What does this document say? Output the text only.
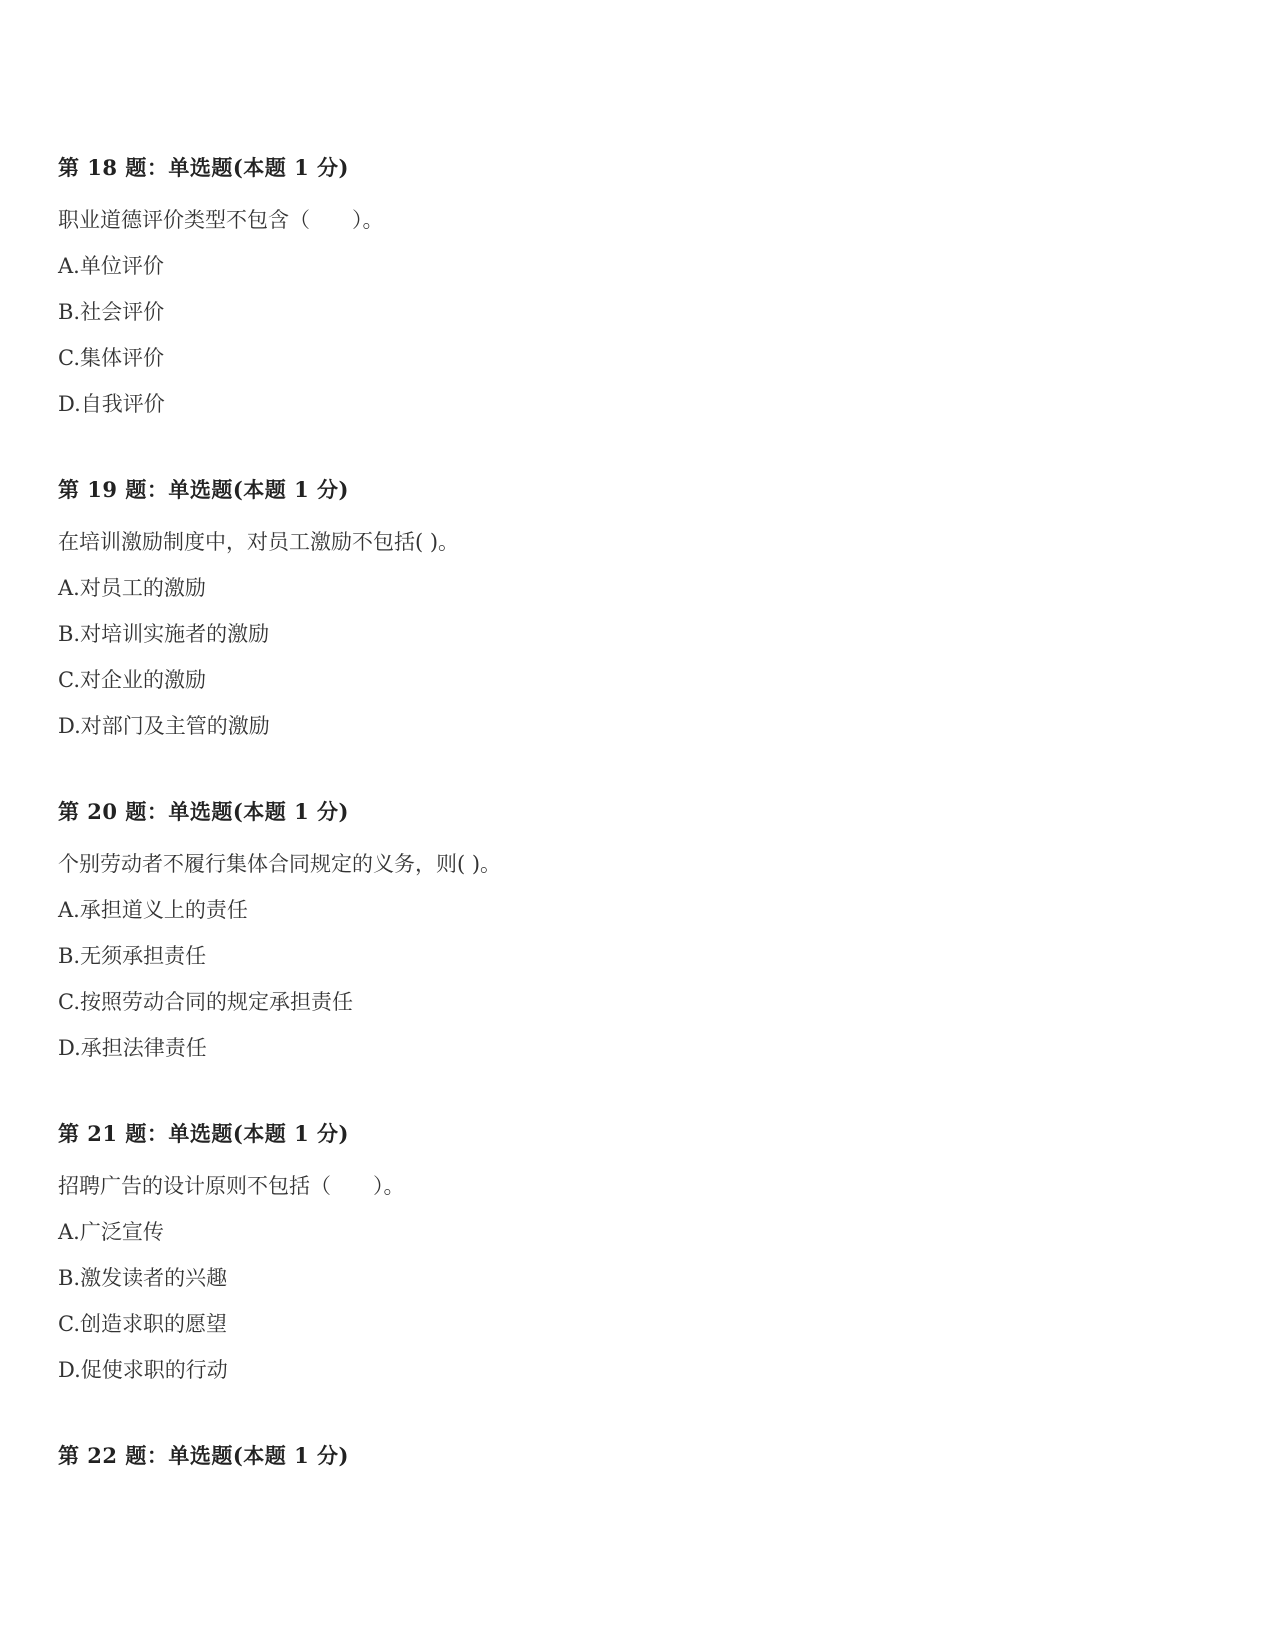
第 18 题：单选题(本题 1 分)
职业道德评价类型不包含（　　）。
A.单位评价
B.社会评价
C.集体评价
D.自我评价
第 19 题：单选题(本题 1 分)
在培训激励制度中，对员工激励不包括( )。
A.对员工的激励
B.对培训实施者的激励
C.对企业的激励
D.对部门及主管的激励
第 20 题：单选题(本题 1 分)
个别劳动者不履行集体合同规定的义务，则( )。
A.承担道义上的责任
B.无须承担责任
C.按照劳动合同的规定承担责任
D.承担法律责任
第 21 题：单选题(本题 1 分)
招聘广告的设计原则不包括（　　）。
A.广泛宣传
B.激发读者的兴趣
C.创造求职的愿望
D.促使求职的行动
第 22 题：单选题(本题 1 分)
